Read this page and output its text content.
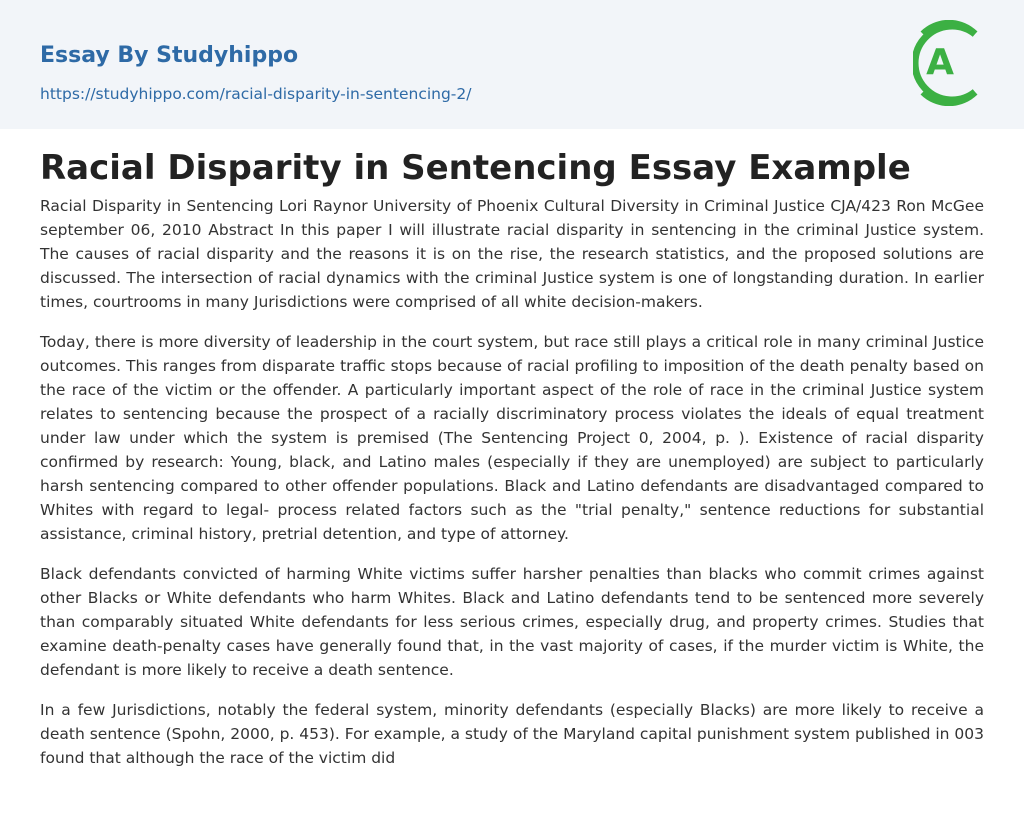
Essay By Studyhippo
https://studyhippo.com/racial-disparity-in-sentencing-2/
A
Racial Disparity in Sentencing Essay Example

Racial Disparity in Sentencing Lori Raynor University of Phoenix Cultural Diversity in Criminal Justice CJA/423 Ron McGee september 06, 2010 Abstract In this paper I will illustrate racial disparity in sentencing in the criminal Justice system. The causes of racial disparity and the reasons it is on the rise, the research statistics, and the proposed solutions are discussed. The intersection of racial dynamics with the criminal Justice system is one of longstanding duration. In earlier times, courtrooms in many Jurisdictions were comprised of all white decision-makers.

Today, there is more diversity of leadership in the court system, but race still plays a critical role in many criminal Justice outcomes. This ranges from disparate traffic stops because of racial profiling to imposition of the death penalty based on the race of the victim or the offender. A particularly important aspect of the role of race in the criminal Justice system relates to sentencing because the prospect of a racially discriminatory process violates the ideals of equal treatment under law under which the system is premised (The Sentencing Project 0, 2004, p. ). Existence of racial disparity confirmed by research: Young, black, and Latino males (especially if they are unemployed) are subject to particularly harsh sentencing compared to other offender populations. Black and Latino defendants are disadvantaged compared to Whites with regard to legal- process related factors such as the "trial penalty," sentence reductions for substantial assistance, criminal history, pretrial detention, and type of attorney.

Black defendants convicted of harming White victims suffer harsher penalties than blacks who commit crimes against other Blacks or White defendants who harm Whites. Black and Latino defendants tend to be sentenced more severely than comparably situated White defendants for less serious crimes, especially drug, and property crimes. Studies that examine death-penalty cases have generally found that, in the vast majority of cases, if the murder victim is White, the defendant is more likely to receive a death sentence.

In a few Jurisdictions, notably the federal system, minority defendants (especially Blacks) are more likely to receive a death sentence (Spohn, 2000, p. 453). For example, a study of the Maryland capital punishment system published in 003 found that although the race of the victim did
